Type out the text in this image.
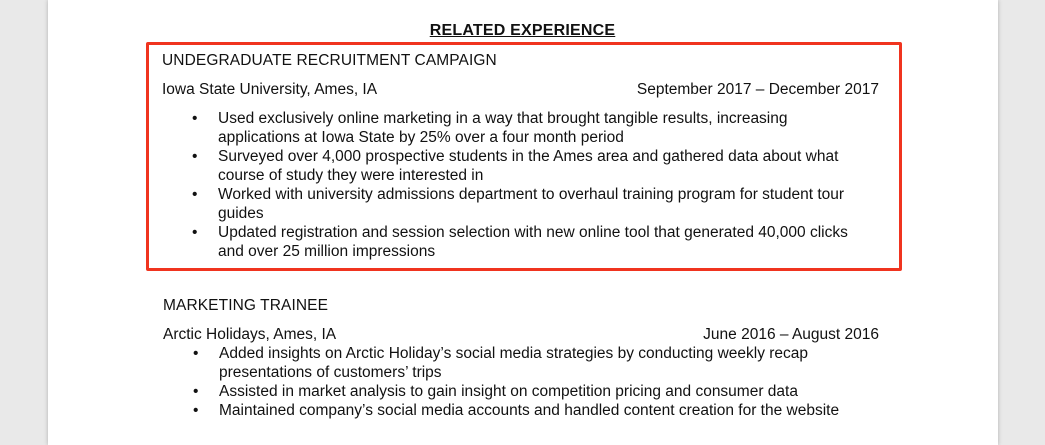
RELATED EXPERIENCE
UNDEGRADUATE RECRUITMENT CAMPAIGN
Iowa State University, Ames, IA	September 2017 – December 2017
• Used exclusively online marketing in a way that brought tangible results, increasing
applications at Iowa State by 25% over a four month period
• Surveyed over 4,000 prospective students in the Ames area and gathered data about what
course of study they were interested in
• Worked with university admissions department to overhaul training program for student tour
guides
• Updated registration and session selection with new online tool that generated 40,000 clicks
and over 25 million impressions
MARKETING TRAINEE
Arctic Holidays, Ames, IA	June 2016 – August 2016
• Added insights on Arctic Holiday’s social media strategies by conducting weekly recap
presentations of customers’ trips
• Assisted in market analysis to gain insight on competition pricing and consumer data
• Maintained company’s social media accounts and handled content creation for the website
